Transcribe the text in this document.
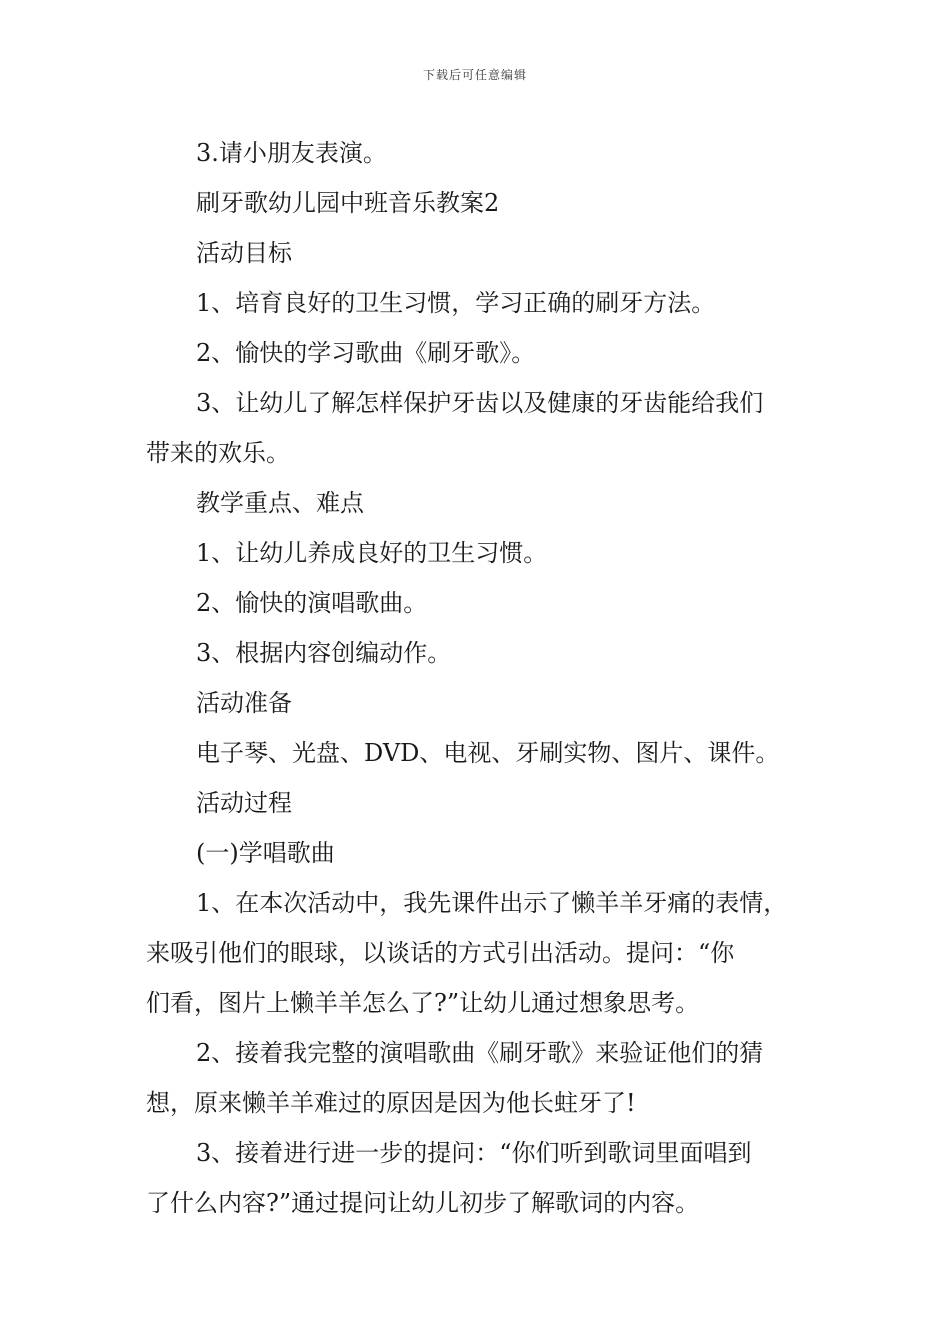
下载后可任意编辑

3.请小朋友表演。

刷牙歌幼儿园中班音乐教案2

活动目标

1、培育良好的卫生习惯，学习正确的刷牙方法。

2、愉快的学习歌曲《刷牙歌》。

3、让幼儿了解怎样保护牙齿以及健康的牙齿能给我们

带来的欢乐。

教学重点、难点

1、让幼儿养成良好的卫生习惯。

2、愉快的演唱歌曲。

3、根据内容创编动作。

活动准备

电子琴、光盘、DVD、电视、牙刷实物、图片、课件。

活动过程

(一)学唱歌曲

1、在本次活动中，我先课件出示了懒羊羊牙痛的表情，

来吸引他们的眼球，以谈话的方式引出活动。提问：“你

们看，图片上懒羊羊怎么了?”让幼儿通过想象思考。

2、接着我完整的演唱歌曲《刷牙歌》来验证他们的猜

想，原来懒羊羊难过的原因是因为他长蛀牙了!

3、接着进行进一步的提问：“你们听到歌词里面唱到

了什么内容?”通过提问让幼儿初步了解歌词的内容。
